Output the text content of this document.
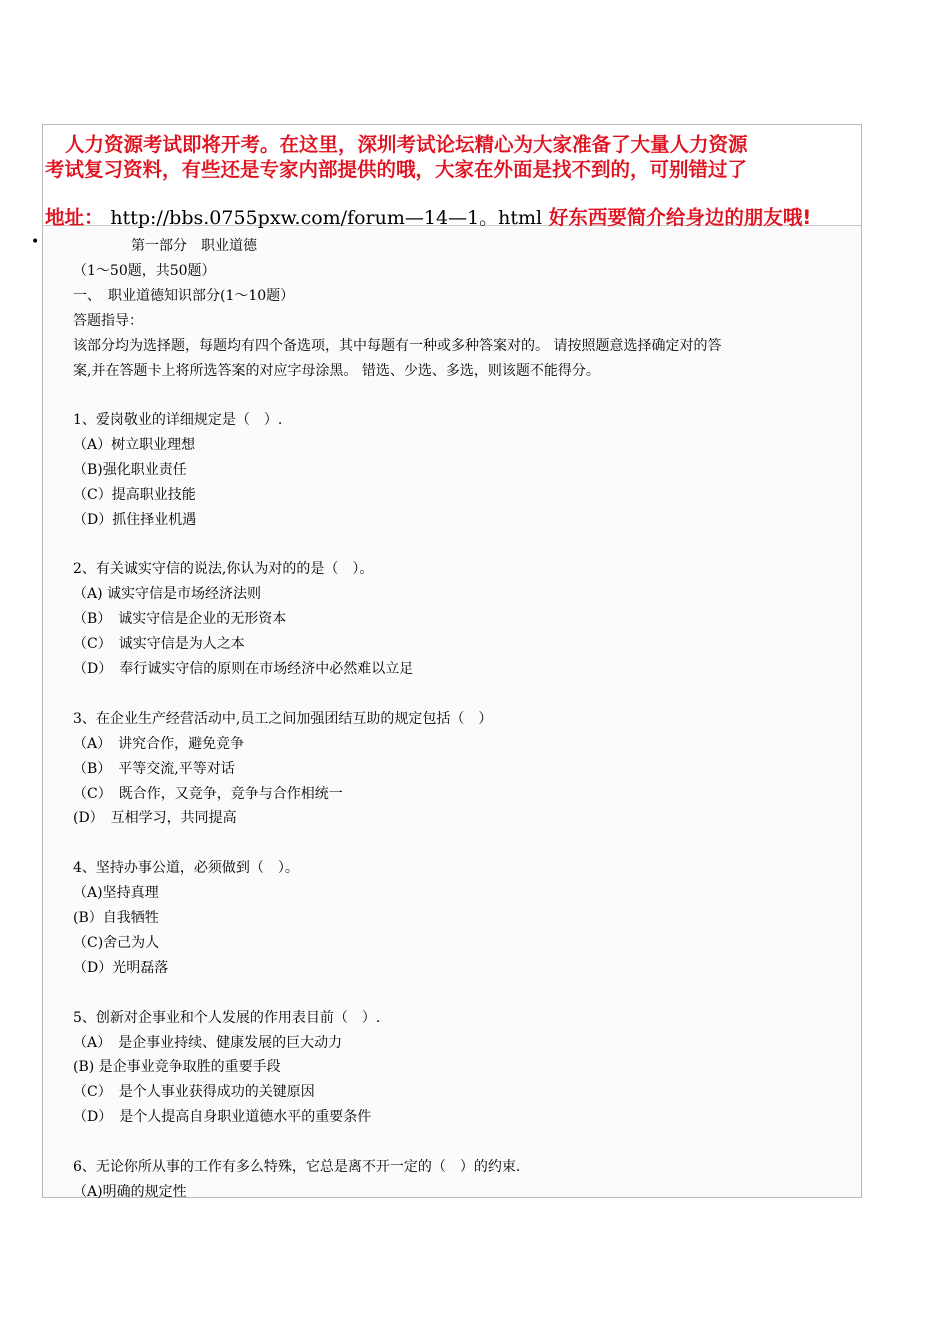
人力资源考试即将开考。在这里，深圳考试论坛精心为大家准备了大量人力资源
考试复习资料，有些还是专家内部提供的哦，大家在外面是找不到的，可别错过了
地址： http://bbs.0755pxw.com/forum—14—1。html 好东西要简介给身边的朋友哦!
•	第一部分　职业道德
（1～50题，共50题）
一、　职业道德知识部分(1～10题）
答题指导：
该部分均为选择题，每题均有四个备选项，其中每题有一种或多种答案对的。 请按照题意选择确定对的答
案,并在答题卡上将所选答案的对应字母涂黑。 错选、少选、多选，则该题不能得分。
1、爱岗敬业的详细规定是（　）.
（A）树立职业理想
（B)强化职业责任
（C）提高职业技能
（D）抓住择业机遇
2、有关诚实守信的说法,你认为对的的是（　）。
（A) 诚实守信是市场经济法则
（B）　诚实守信是企业的无形资本
（C）　诚实守信是为人之本
（D）　奉行诚实守信的原则在市场经济中必然难以立足
3、在企业生产经营活动中,员工之间加强团结互助的规定包括（　）
（A）　讲究合作，避免竞争
（B）　平等交流,平等对话
（C）　既合作，又竞争，竞争与合作相统一
(D）　互相学习，共同提高
4、坚持办事公道，必须做到（　）。
（A)坚持真理
(B）自我牺牲
（C)舍己为人
（D）光明磊落
5、创新对企事业和个人发展的作用表目前（　）.
（A）　是企事业持续、健康发展的巨大动力
(B) 是企事业竞争取胜的重要手段
（C）　是个人事业获得成功的关键原因
（D）　是个人提高自身职业道德水平的重要条件
6、无论你所从事的工作有多么特殊，它总是离不开一定的（　）的约束.
（A)明确的规定性
